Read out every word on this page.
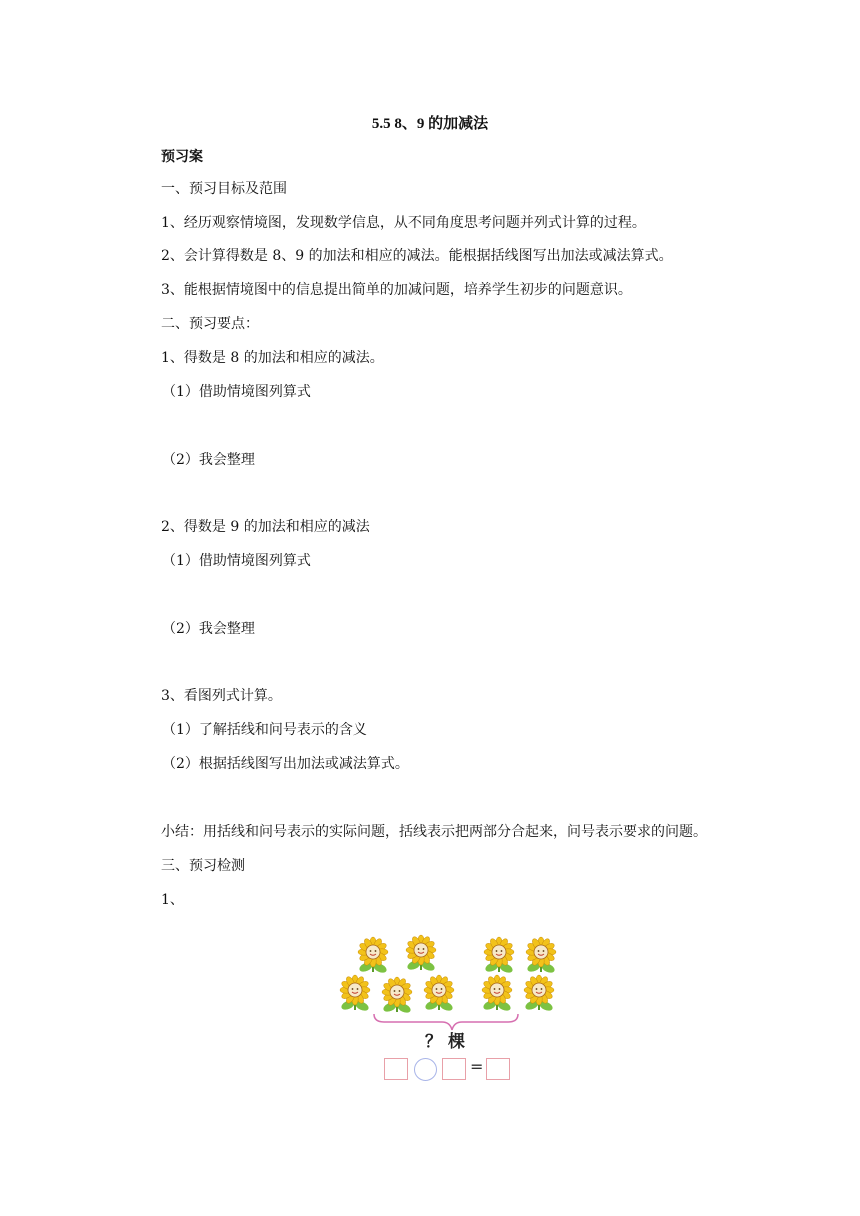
5.5 8、9 的加减法
预习案
一、预习目标及范围
1、经历观察情境图，发现数学信息，从不同角度思考问题并列式计算的过程。
2、会计算得数是 8、9 的加法和相应的减法。能根据括线图写出加法或减法算式。
3、能根据情境图中的信息提出简单的加减问题，培养学生初步的问题意识。
二、预习要点：
1、得数是 8 的加法和相应的减法。
（1）借助情境图列算式
（2）我会整理
2、得数是 9 的加法和相应的减法
（1）借助情境图列算式
（2）我会整理
3、看图列式计算。
（1）了解括线和问号表示的含义
（2）根据括线图写出加法或减法算式。
小结：用括线和问号表示的实际问题，括线表示把两部分合起来，问号表示要求的问题。
三、预习检测
1、
？棵
=
